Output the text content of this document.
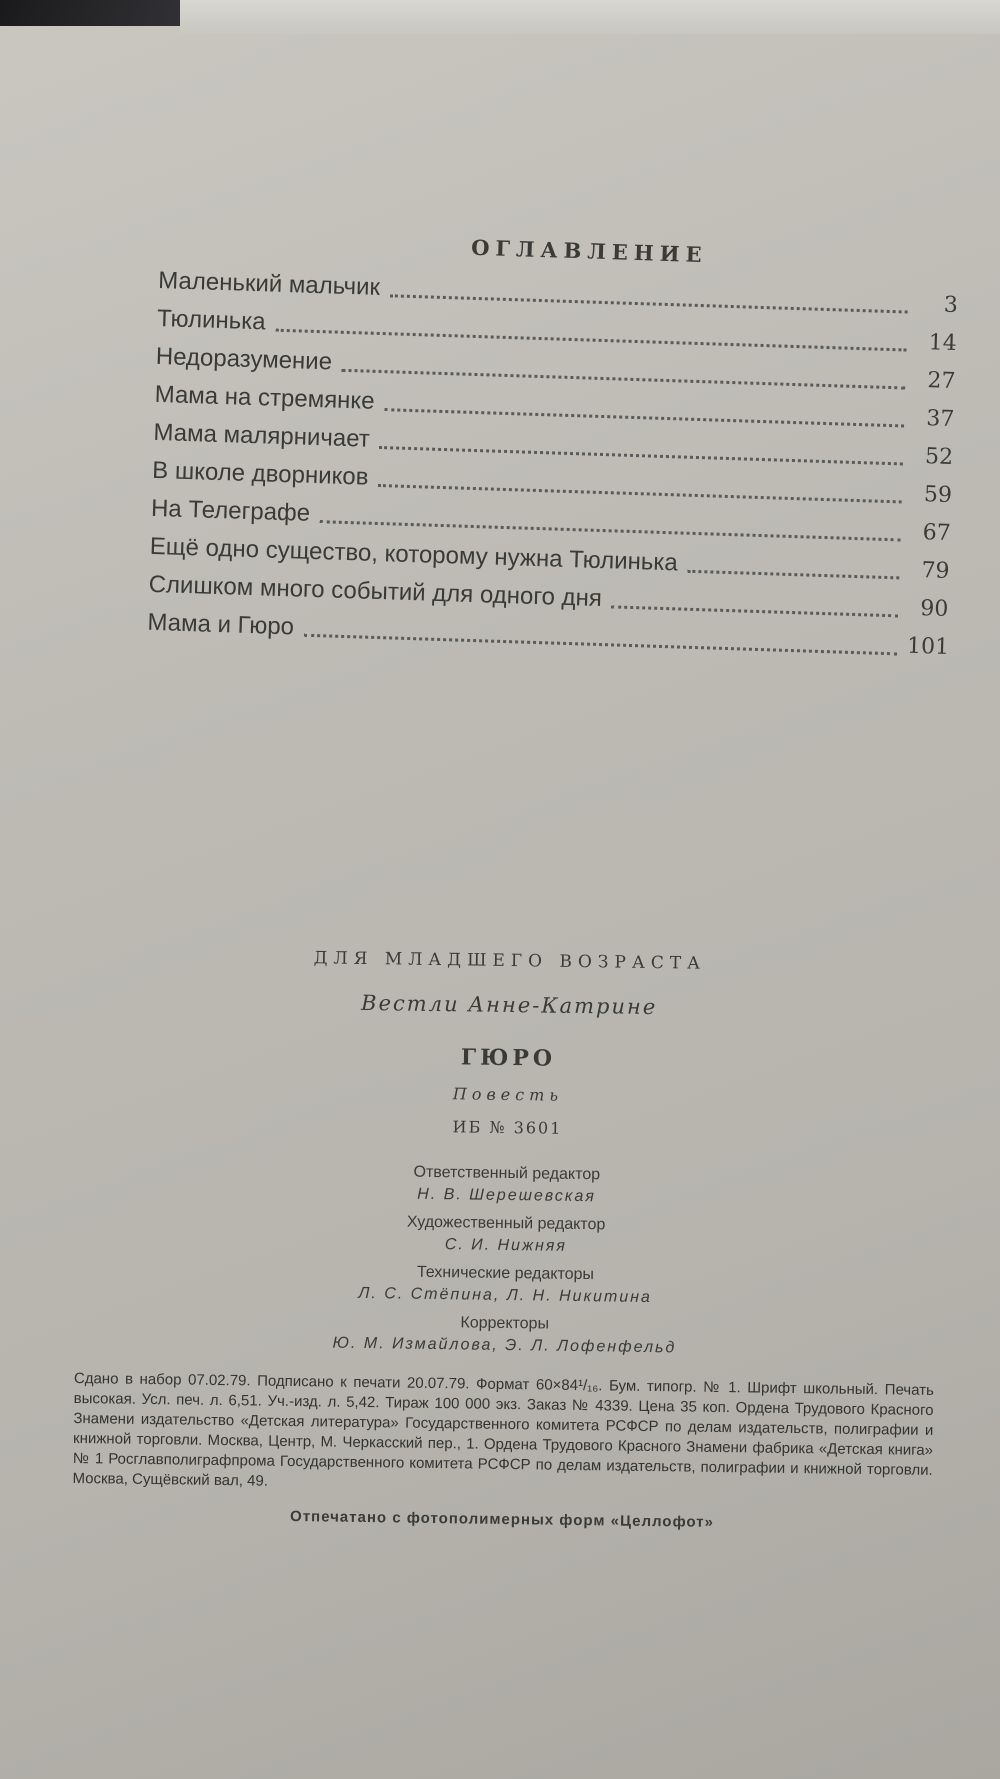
ОГЛАВЛЕНИЕ
Маленький мальчик
3
Тюлинька
14
Недоразумение
27
Мама на стремянке
37
Мама малярничает
52
В школе дворников
59
На Телеграфе
67
Ещё одно существо, которому нужна Тюлинька	79
Слишком много событий для одного дня	90
Мама и Гюро
101
ДЛЯ МЛАДШЕГО ВОЗРАСТА
Вестли Анне-Катрине
ГЮРО
Повесть
ИБ № 3601
Ответственный редактор
Н. В. Шерешевская
Художественный редактор
С. И. Нижняя
Технические редакторы
Л. С. Стёпина, Л. Н. Никитина
Корректоры
Ю. М. Измайлова, Э. Л. Лофенфельд
Сдано в набор 07.02.79. Подписано к печати 20.07.79. Формат 60×84¹/₁₆. Бум. типогр. № 1. Шрифт школьный. Печать высокая. Усл. печ. л. 6,51. Уч.-изд. л. 5,42. Тираж 100 000 экз. Заказ № 4339. Цена 35 коп. Ордена Трудового Красного Знамени издательство «Детская литература» Государственного комитета РСФСР по делам издательств, полиграфии и книжной торговли. Москва, Центр, М. Черкасский пер., 1. Ордена Трудового Красного Знамени фабрика «Детская книга» № 1 Росглавполиграфпрома Государственного комитета РСФСР по делам издательств, полиграфии и книжной торговли. Москва, Сущёвский вал, 49.
Отпечатано с фотополимерных форм «Целлофот»
